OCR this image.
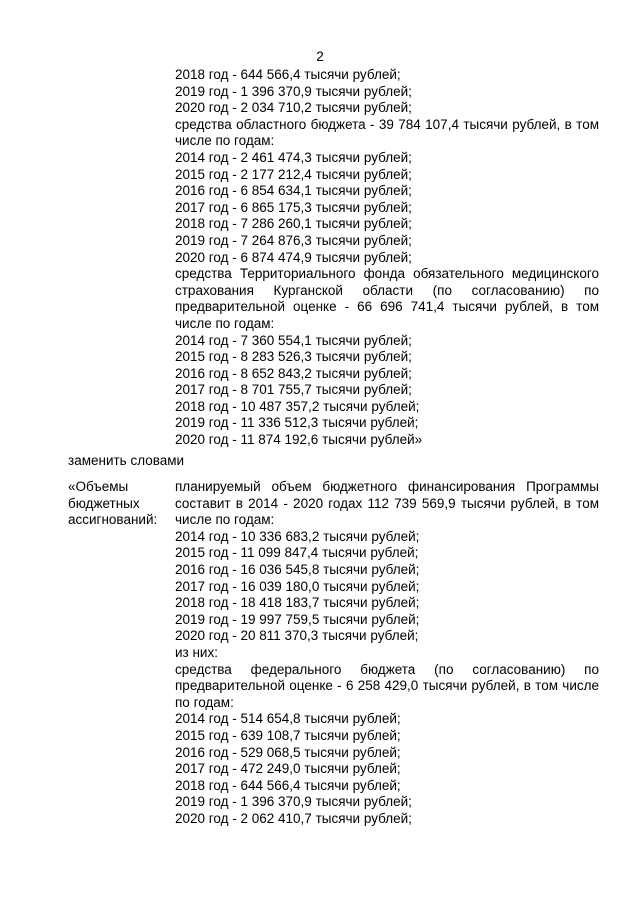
2
2018 год - 644 566,4 тысячи рублей;
2019 год - 1 396 370,9 тысячи рублей;
2020 год - 2 034 710,2 тысячи рублей;
средства областного бюджета - 39 784 107,4 тысячи рублей, в том числе по годам:
2014 год - 2 461 474,3 тысячи рублей;
2015 год - 2 177 212,4 тысячи рублей;
2016 год - 6 854 634,1 тысячи рублей;
2017 год - 6 865 175,3 тысячи рублей;
2018 год - 7 286 260,1 тысячи рублей;
2019 год - 7 264 876,3 тысячи рублей;
2020 год - 6 874 474,9 тысячи рублей;
средства Территориального фонда обязательного медицинского страхования Курганской области (по согласованию) по предварительной оценке - 66 696 741,4 тысячи рублей, в том числе по годам:
2014 год - 7 360 554,1 тысячи рублей;
2015 год - 8 283 526,3 тысячи рублей;
2016 год - 8 652 843,2 тысячи рублей;
2017 год - 8 701 755,7 тысячи рублей;
2018 год - 10 487 357,2 тысячи рублей;
2019 год - 11 336 512,3 тысячи рублей;
2020 год - 11 874 192,6 тысячи рублей»
заменить словами
«Объемы
бюджетных
ассигнований:
планируемый объем бюджетного финансирования Программы составит в 2014 - 2020 годах 112 739 569,9 тысячи рублей, в том числе по годам:
2014 год - 10 336 683,2 тысячи рублей;
2015 год - 11 099 847,4 тысячи рублей;
2016 год - 16 036 545,8 тысячи рублей;
2017 год - 16 039 180,0 тысячи рублей;
2018 год - 18 418 183,7 тысячи рублей;
2019 год - 19 997 759,5 тысячи рублей;
2020 год - 20 811 370,3 тысячи рублей;
из них:
средства федерального бюджета (по согласованию) по предварительной оценке - 6 258 429,0 тысячи рублей, в том числе по годам:
2014 год - 514 654,8 тысячи рублей;
2015 год - 639 108,7 тысячи рублей;
2016 год - 529 068,5 тысячи рублей;
2017 год - 472 249,0 тысячи рублей;
2018 год - 644 566,4 тысячи рублей;
2019 год - 1 396 370,9 тысячи рублей;
2020 год - 2 062 410,7 тысячи рублей;
